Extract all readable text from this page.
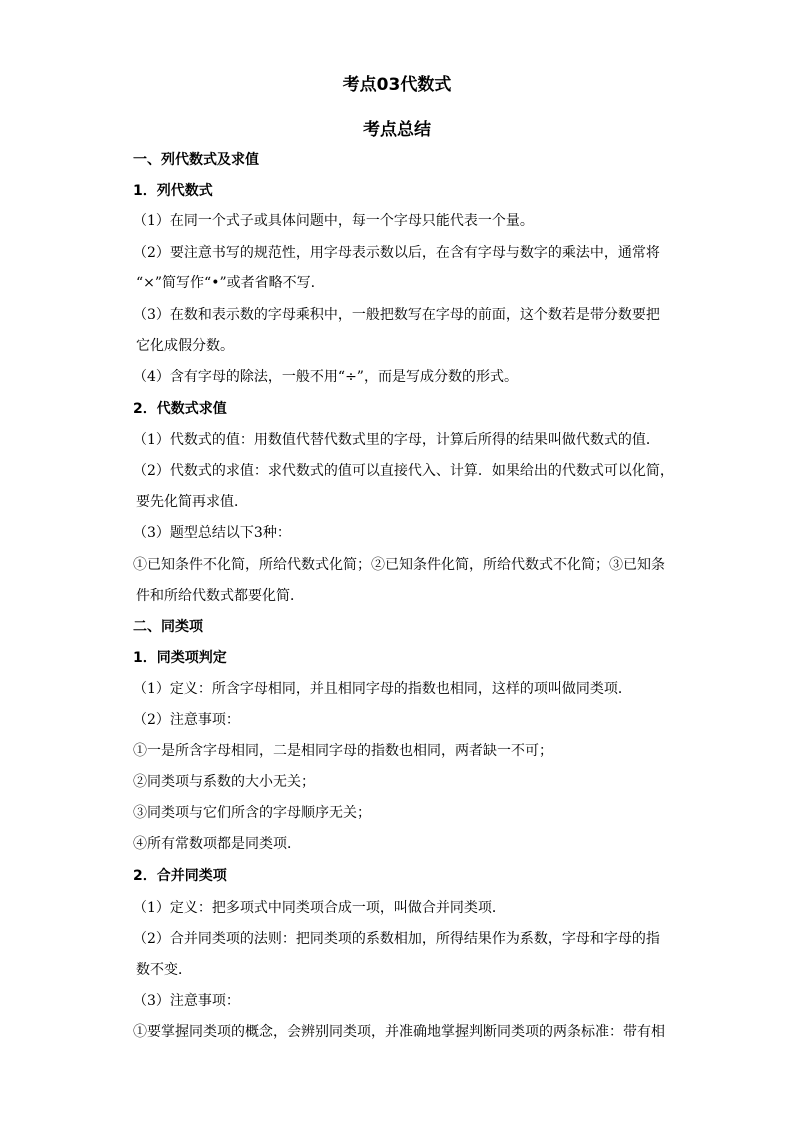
考点03代数式
考点总结

一、列代数式及求值

1．列代数式

（1）在同一个式子或具体问题中，每一个字母只能代表一个量。

（2）要注意书写的规范性，用字母表示数以后，在含有字母与数字的乘法中，通常将

“×”简写作“•”或者省略不写.

（3）在数和表示数的字母乘积中，一般把数写在字母的前面，这个数若是带分数要把

它化成假分数。

（4）含有字母的除法，一般不用“÷”，而是写成分数的形式。

2．代数式求值

（1）代数式的值：用数值代替代数式里的字母，计算后所得的结果叫做代数式的值．

（2）代数式的求值：求代数式的值可以直接代入、计算．如果给出的代数式可以化简，

要先化简再求值．

（3）题型总结以下3种：

①已知条件不化简，所给代数式化简；②已知条件化简，所给代数式不化简；③已知条

件和所给代数式都要化简．

二、同类项

1．同类项判定

（1）定义：所含字母相同，并且相同字母的指数也相同，这样的项叫做同类项．

（2）注意事项：

①一是所含字母相同，二是相同字母的指数也相同，两者缺一不可；

②同类项与系数的大小无关；

③同类项与它们所含的字母顺序无关；

④所有常数项都是同类项．

2．合并同类项

（1）定义：把多项式中同类项合成一项，叫做合并同类项．

（2）合并同类项的法则：把同类项的系数相加，所得结果作为系数，字母和字母的指

数不变．

（3）注意事项：

①要掌握同类项的概念，会辨别同类项，并准确地掌握判断同类项的两条标准：带有相
